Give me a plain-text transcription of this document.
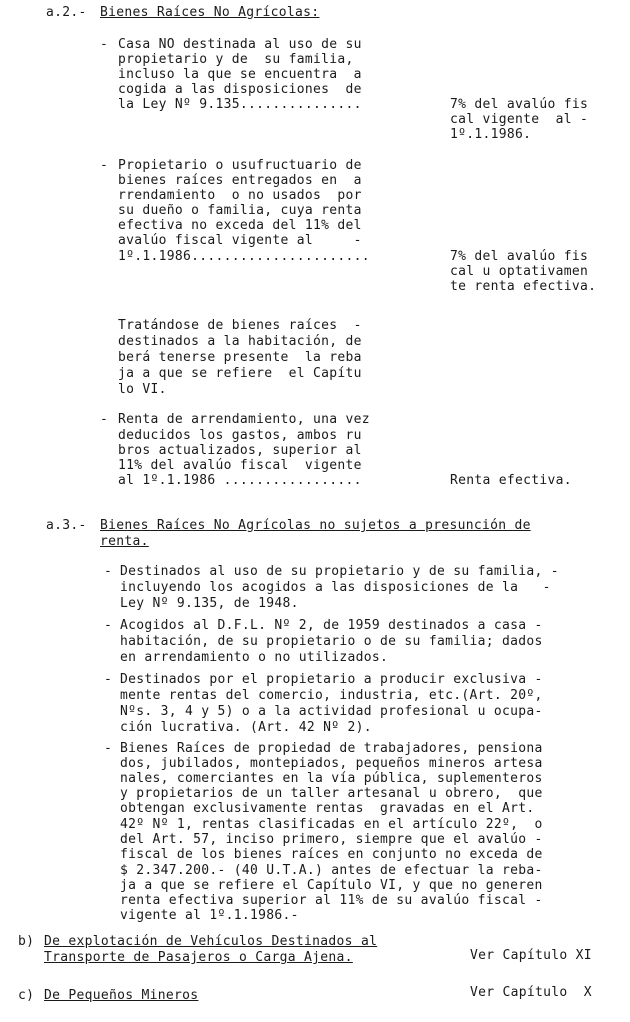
a.2.- Bienes Raíces No Agrícolas:
- Casa NO destinada al uso de su
propietario y de  su familia,
incluso la que se encuentra  a
cogida a las disposiciones  de
la Ley Nº 9.135...............	7% del avalúo fis
cal vigente  al -
1º.1.1986.
- Propietario o usufructuario de
bienes raíces entregados en  a
rrendamiento  o no usados  por
su dueño o familia, cuya renta
efectiva no exceda del 11% del
avalúo fiscal vigente al     -
1º.1.1986......................	7% del avalúo fis
cal u optativamen
te renta efectiva.
Tratándose de bienes raíces  -
destinados a la habitación, de
berá tenerse presente  la reba
ja a que se refiere  el Capítu
lo VI.
- Renta de arrendamiento, una vez
deducidos los gastos, ambos ru
bros actualizados, superior al
11% del avalúo fiscal  vigente
al 1º.1.1986 .................	Renta efectiva.
a.3.- Bienes Raíces No Agrícolas no sujetos a presunción de
renta.
- Destinados al uso de su propietario y de su familia, -
incluyendo los acogidos a las disposiciones de la   -
Ley Nº 9.135, de 1948.
- Acogidos al D.F.L. Nº 2, de 1959 destinados a casa -
habitación, de su propietario o de su familia; dados
en arrendamiento o no utilizados.
- Destinados por el propietario a producir exclusiva -
mente rentas del comercio, industria, etc.(Art. 20º,
Nºs. 3, 4 y 5) o a la actividad profesional u ocupa-
ción lucrativa. (Art. 42 Nº 2).
- Bienes Raíces de propiedad de trabajadores, pensiona
dos, jubilados, montepiados, pequeños mineros artesa
nales, comerciantes en la vía pública, suplementeros
y propietarios de un taller artesanal u obrero,  que
obtengan exclusivamente rentas  gravadas en el Art.
42º Nº 1, rentas clasificadas en el artículo 22º,  o
del Art. 57, inciso primero, siempre que el avalúo -
fiscal de los bienes raíces en conjunto no exceda de
$ 2.347.200.- (40 U.T.A.) antes de efectuar la reba-
ja a que se refiere el Capítulo VI, y que no generen
renta efectiva superior al 11% de su avalúo fiscal -
vigente al 1º.1.1986.-
b) De explotación de Vehículos Destinados al
Transporte de Pasajeros o Carga Ajena.	Ver Capítulo XI
c) De Pequeños Mineros	Ver Capítulo  X
